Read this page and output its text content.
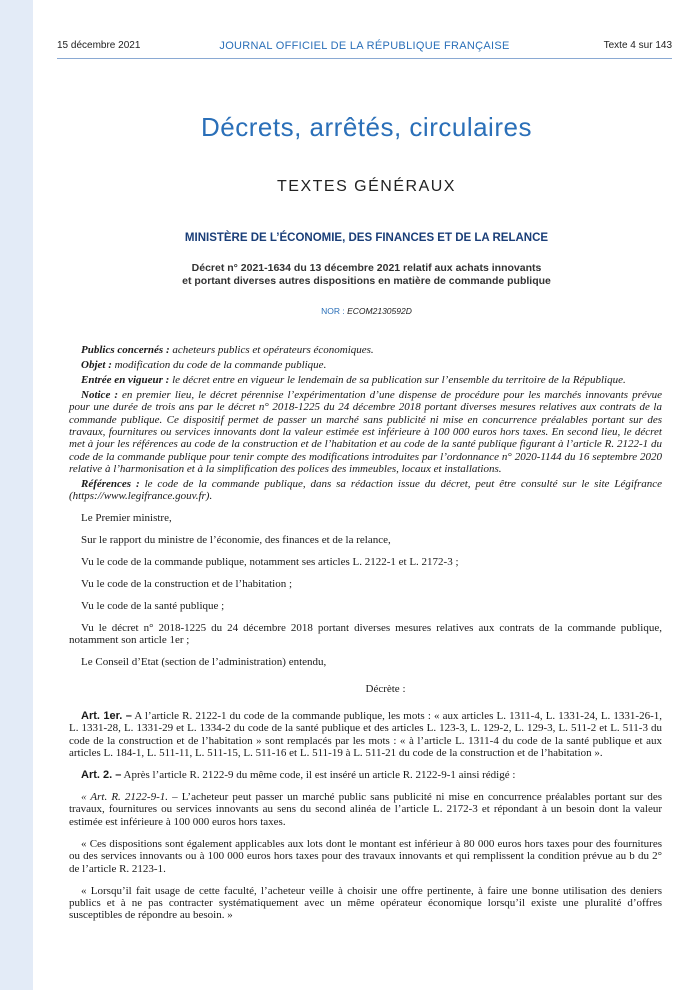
15 décembre 2021	JOURNAL OFFICIEL DE LA RÉPUBLIQUE FRANÇAISE	Texte 4 sur 143
Décrets, arrêtés, circulaires
TEXTES GÉNÉRAUX
MINISTÈRE DE L’ÉCONOMIE, DES FINANCES ET DE LA RELANCE
Décret n° 2021-1634 du 13 décembre 2021 relatif aux achats innovants
et portant diverses autres dispositions en matière de commande publique
NOR : ECOM2130592D

Publics concernés : acheteurs publics et opérateurs économiques.

Objet : modification du code de la commande publique.

Entrée en vigueur : le décret entre en vigueur le lendemain de sa publication sur l’ensemble du territoire de la République.

Notice : en premier lieu, le décret pérennise l’expérimentation d’une dispense de procédure pour les marchés innovants prévue pour une durée de trois ans par le décret n° 2018-1225 du 24 décembre 2018 portant diverses mesures relatives aux contrats de la commande publique. Ce dispositif permet de passer un marché sans publicité ni mise en concurrence préalables portant sur des travaux, fournitures ou services innovants dont la valeur estimée est inférieure à 100 000 euros hors taxes. En second lieu, le décret met à jour les références au code de la construction et de l’habitation et au code de la santé publique figurant à l’article R. 2122-1 du code de la commande publique pour tenir compte des modifications introduites par l’ordonnance n° 2020-1144 du 16 septembre 2020 relative à l’harmonisation et à la simplification des polices des immeubles, locaux et installations.

Références : le code de la commande publique, dans sa rédaction issue du décret, peut être consulté sur le site Légifrance (https://www.legifrance.gouv.fr).

Le Premier ministre,

Sur le rapport du ministre de l’économie, des finances et de la relance,

Vu le code de la commande publique, notamment ses articles L. 2122-1 et L. 2172-3 ;

Vu le code de la construction et de l’habitation ;

Vu le code de la santé publique ;

Vu le décret n° 2018-1225 du 24 décembre 2018 portant diverses mesures relatives aux contrats de la commande publique, notamment son article 1er ;

Le Conseil d’Etat (section de l’administration) entendu,

Décrète :

Art. 1er. – A l’article R. 2122-1 du code de la commande publique, les mots : « aux articles L. 1311-4, L. 1331-24, L. 1331-26-1, L. 1331-28, L. 1331-29 et L. 1334-2 du code de la santé publique et des articles L. 123-3, L. 129-2, L. 129-3, L. 511-2 et L. 511-3 du code de la construction et de l’habitation » sont remplacés par les mots : « à l’article L. 1311-4 du code de la santé publique et aux articles L. 184-1, L. 511-11, L. 511-15, L. 511-16 et L. 511-19 à L. 511-21 du code de la construction et de l’habitation ».

Art. 2. – Après l’article R. 2122-9 du même code, il est inséré un article R. 2122-9-1 ainsi rédigé :

« Art. R. 2122-9-1. – L’acheteur peut passer un marché public sans publicité ni mise en concurrence préalables portant sur des travaux, fournitures ou services innovants au sens du second alinéa de l’article L. 2172-3 et répondant à un besoin dont la valeur estimée est inférieure à 100 000 euros hors taxes.

« Ces dispositions sont également applicables aux lots dont le montant est inférieur à 80 000 euros hors taxes pour des fournitures ou des services innovants ou à 100 000 euros hors taxes pour des travaux innovants et qui remplissent la condition prévue au b du 2° de l’article R. 2123-1.

« Lorsqu’il fait usage de cette faculté, l’acheteur veille à choisir une offre pertinente, à faire une bonne utilisation des deniers publics et à ne pas contracter systématiquement avec un même opérateur économique lorsqu’il existe une pluralité d’offres susceptibles de répondre au besoin. »
